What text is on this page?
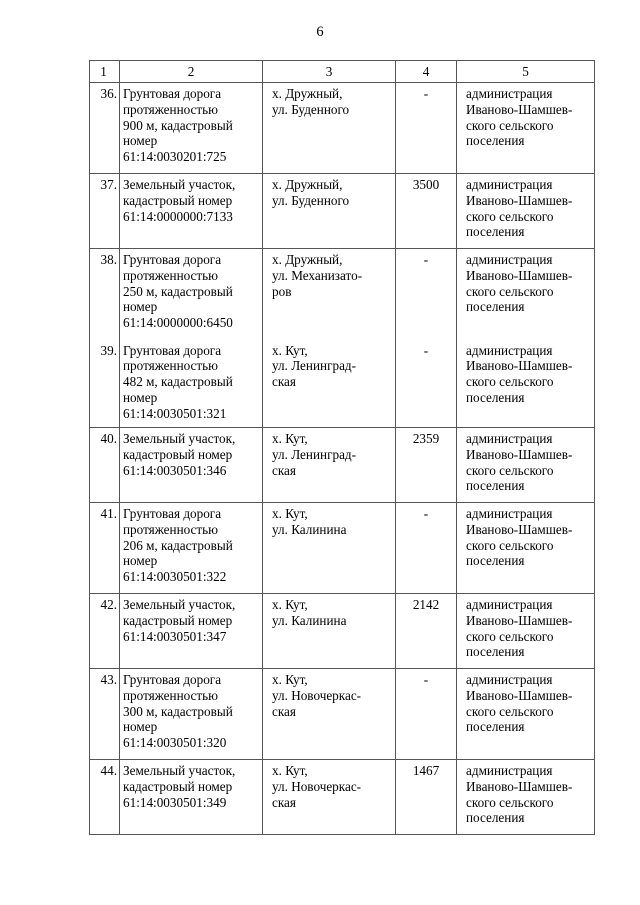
6
1	2	3	4	5

36.	Грунтовая дорога
протяженностью
900 м, кадастровый
номер
61:14:0030201:725	х. Дружный,
ул. Буденного	-	администрация
Иваново-Шамшев-
ского сельского
поселения

37.	Земельный участок,
кадастровый номер
61:14:0000000:7133	х. Дружный,
ул. Буденного	3500	администрация
Иваново-Шамшев-
ского сельского
поселения

38.	Грунтовая дорога
протяженностью
250 м, кадастровый
номер
61:14:0000000:6450	х. Дружный,
ул. Механизато-
ров	-	администрация
Иваново-Шамшев-
ского сельского
поселения

39.	Грунтовая дорога
протяженностью
482 м, кадастровый
номер
61:14:0030501:321	х. Кут,
ул. Ленинград-
ская	-	администрация
Иваново-Шамшев-
ского сельского
поселения

40.	Земельный участок,
кадастровый номер
61:14:0030501:346	х. Кут,
ул. Ленинград-
ская	2359	администрация
Иваново-Шамшев-
ского сельского
поселения

41.	Грунтовая дорога
протяженностью
206 м, кадастровый
номер
61:14:0030501:322	х. Кут,
ул. Калинина	-	администрация
Иваново-Шамшев-
ского сельского
поселения

42.	Земельный участок,
кадастровый номер
61:14:0030501:347	х. Кут,
ул. Калинина	2142	администрация
Иваново-Шамшев-
ского сельского
поселения

43.	Грунтовая дорога
протяженностью
300 м, кадастровый
номер
61:14:0030501:320	х. Кут,
ул. Новочеркас-
ская	-	администрация
Иваново-Шамшев-
ского сельского
поселения

44.	Земельный участок,
кадастровый номер
61:14:0030501:349	х. Кут,
ул. Новочеркас-
ская	1467	администрация
Иваново-Шамшев-
ского сельского
поселения
